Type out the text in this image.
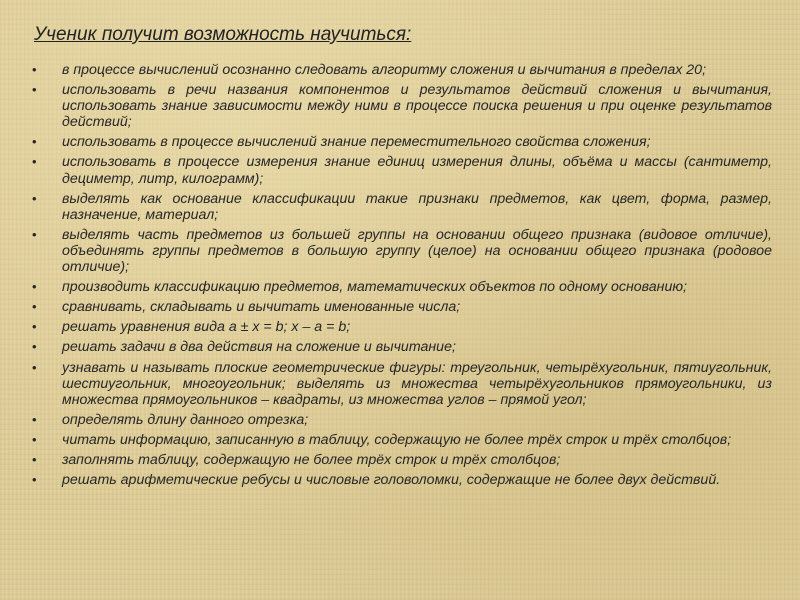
Ученик получит возможность научиться:
• в процессе вычислений осознанно следовать алгоритму сложения и вычитания в пределах 20;
• использовать в речи названия компонентов и результатов действий сложения и вычитания, использовать знание зависимости между ними в процессе поиска решения и при оценке результатов действий;
• использовать в процессе вычислений знание переместительного свойства сложения;
• использовать в процессе измерения знание единиц измерения длины, объёма и массы (сантиметр, дециметр, литр, килограмм);
• выделять как основание классификации такие признаки предметов, как цвет, форма, размер, назначение, материал;
• выделять часть предметов из большей группы на основании общего признака (видовое отличие), объединять группы предметов в большую группу (целое) на основании общего признака (родовое отличие);
• производить классификацию предметов, математических объектов по одному основанию;
• сравнивать, складывать и вычитать именованные числа;
• решать уравнения вида а ± х = b; х – а = b;
• решать задачи в два действия на сложение и вычитание;
• узнавать и называть плоские геометрические фигуры: треугольник, четырёхугольник, пятиугольник, шестиугольник, многоугольник; выделять из множества четырёхугольников прямоугольники, из множества прямоугольников – квадраты, из множества углов – прямой угол;
• определять длину данного отрезка;
• читать информацию, записанную в таблицу, содержащую не более трёх строк и трёх столбцов;
• заполнять таблицу, содержащую не более трёх строк и трёх столбцов;
• решать арифметические ребусы и числовые головоломки, содержащие не более двух действий.
